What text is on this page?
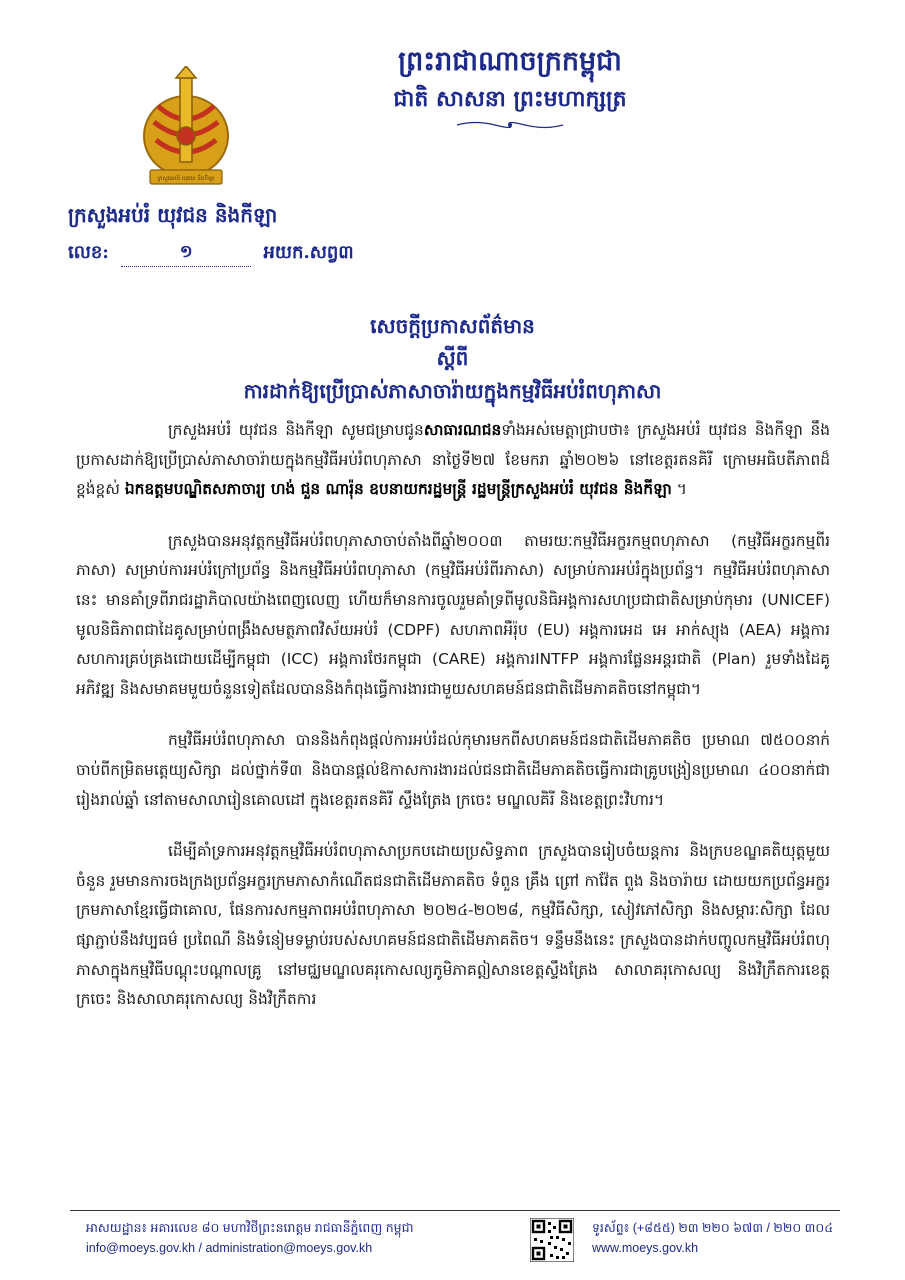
ព្រះរាជាណាចក្រកម្ពុជា
ជាតិ សាសនា ព្រះមហាក្សត្រ
ក្រសួងអប់រំ យុវជន និងកីឡា
ក្រសួងអប់រំ យុវជន និងកីឡា
លេខ:	១	អយក.សព្វ៣
សេចក្តីប្រកាសព័ត៌មាន
ស្តីពី
ការដាក់ឱ្យប្រើប្រាស់ភាសាចារ៉ាយក្នុងកម្មវិធីអប់រំពហុភាសា

ក្រសួងអប់រំ យុវជន និងកីឡា សូមជម្រាបជូនសាធារណជនទាំងអស់មេត្តាជ្រាបថា៖ ក្រសួងអប់រំ យុវជន និងកីឡា នឹងប្រកាសដាក់ឱ្យប្រើប្រាស់ភាសាចារ៉ាយក្នុងកម្មវិធីអប់រំពហុភាសា នាថ្ងៃទី២៧ ខែមករា ឆ្នាំ២០២៦ នៅខេត្តរតនគិរី ក្រោមអធិបតីភាពដ៏ខ្ពង់ខ្ពស់ ឯកឧត្តមបណ្ឌិតសភាចារ្យ ហង់ ជួន ណារ៉ុន ឧបនាយករដ្ឋមន្ត្រី រដ្ឋមន្ត្រីក្រសួងអប់រំ យុវជន និងកីឡា ។

ក្រសួងបានអនុវត្តកម្មវិធីអប់រំពហុភាសាចាប់តាំងពីឆ្នាំ២០០៣ តាមរយៈកម្មវិធីអក្ខរកម្មពហុភាសា (កម្មវិធីអក្ខរកម្មពីរភាសា) សម្រាប់ការអប់រំក្រៅប្រព័ន្ធ និងកម្មវិធីអប់រំពហុភាសា (កម្មវិធីអប់រំពីរភាសា) សម្រាប់ការអប់រំក្នុងប្រព័ន្ធ។ កម្មវិធីអប់រំពហុភាសានេះ មានគាំទ្រពីរាជរដ្ឋាភិបាលយ៉ាងពេញលេញ ហើយក៏មានការចូលរួមគាំទ្រពីមូលនិធិអង្គការសហប្រជាជាតិសម្រាប់កុមារ (UNICEF) មូលនិធិភាពជាដៃគូសម្រាប់ពង្រឹងសមត្ថភាពវិស័យអប់រំ (CDPF) សហភាពអឺរ៉ុប (EU) អង្គការអេដ អេ អាក់ស្យុង (AEA) អង្គការសហការគ្រប់គ្រងជោយដើម្បីកម្ពុជា (ICC) អង្គការថែរកម្ពុជា (CARE) អង្គការINTFP អង្គការផ្លែនអន្តរជាតិ (Plan) រួមទាំងដៃគូអភិវឌ្ឍ និងសមាគមមួយចំនួនទៀតដែលបាននិងកំពុងធ្វើការងារជាមួយសហគមន៍ជនជាតិដើមភាគតិចនៅកម្ពុជា។

កម្មវិធីអប់រំពហុភាសា បាននិងកំពុងផ្តល់ការអប់រំដល់កុមារមកពីសហគមន៍ជនជាតិដើមភាគតិច ប្រមាណ ៧៥០០នាក់ ចាប់ពីកម្រិតមត្តេយ្យសិក្សា ដល់ថ្នាក់ទី៣ និងបានផ្តល់ឱកាសការងារដល់ជនជាតិដើមភាគតិចធ្វើការជាគ្រូបង្រៀនប្រមាណ ៤០០នាក់ជារៀងរាល់ឆ្នាំ នៅតាមសាលារៀនគោលដៅ ក្នុងខេត្តរតនគិរី ស្ទឹងត្រែង ក្រចេះ មណ្ឌលគិរី និងខេត្តព្រះវិហារ។

ដើម្បីគាំទ្រការអនុវត្តកម្មវិធីអប់រំពហុភាសាប្រកបដោយប្រសិទ្ធភាព ក្រសួងបានរៀបចំយន្តការ និងក្របខណ្ឌគតិយុត្តមួយចំនួន រួមមានការចងក្រងប្រព័ន្ធអក្ខរក្រមភាសាកំណើតជនជាតិដើមភាគតិច ទំពួន គ្រឹង ព្រៅ កាវ៉ែត ពួង និងចារ៉ាយ ដោយយកប្រព័ន្ធអក្ខរក្រមភាសាខ្មែរធ្វើជាគោល, ផែនការសកម្មភាពអប់រំពហុភាសា ២០២៤-២០២៨, កម្មវិធីសិក្សា, សៀវភៅសិក្សា និងសម្ភារៈសិក្សា ដែលផ្សាភ្ជាប់នឹងវប្បធម៌ ប្រពៃណី និងទំនៀមទម្លាប់របស់សហគមន៍ជនជាតិដើមភាគតិច។ ទន្ទឹមនឹងនេះ ក្រសួងបានដាក់បញ្ចូលកម្មវិធីអប់រំពហុភាសាក្នុងកម្មវិធីបណ្តុះបណ្តាលគ្រូ នៅមជ្ឈមណ្ឌលគរុកោសល្យភូមិភាគឦសានខេត្តស្ទឹងត្រែង សាលាគរុកោសល្យ និងវិក្រឹតការខេត្តក្រចេះ និងសាលាគរុកោសល្យ និងវិក្រឹតការ

អាសយដ្ឋាន៖ អគារលេខ ៨០ មហាវិថីព្រះនរោត្តម រាជធានីភ្នំពេញ កម្ពុជា
info@moeys.gov.kh / administration@moeys.gov.kh
ទូរស័ព្ទ៖ (+៨៥៥) ២៣ ២២០ ៦៧៣ / ២២០ ៣០៤
www.moeys.gov.kh
